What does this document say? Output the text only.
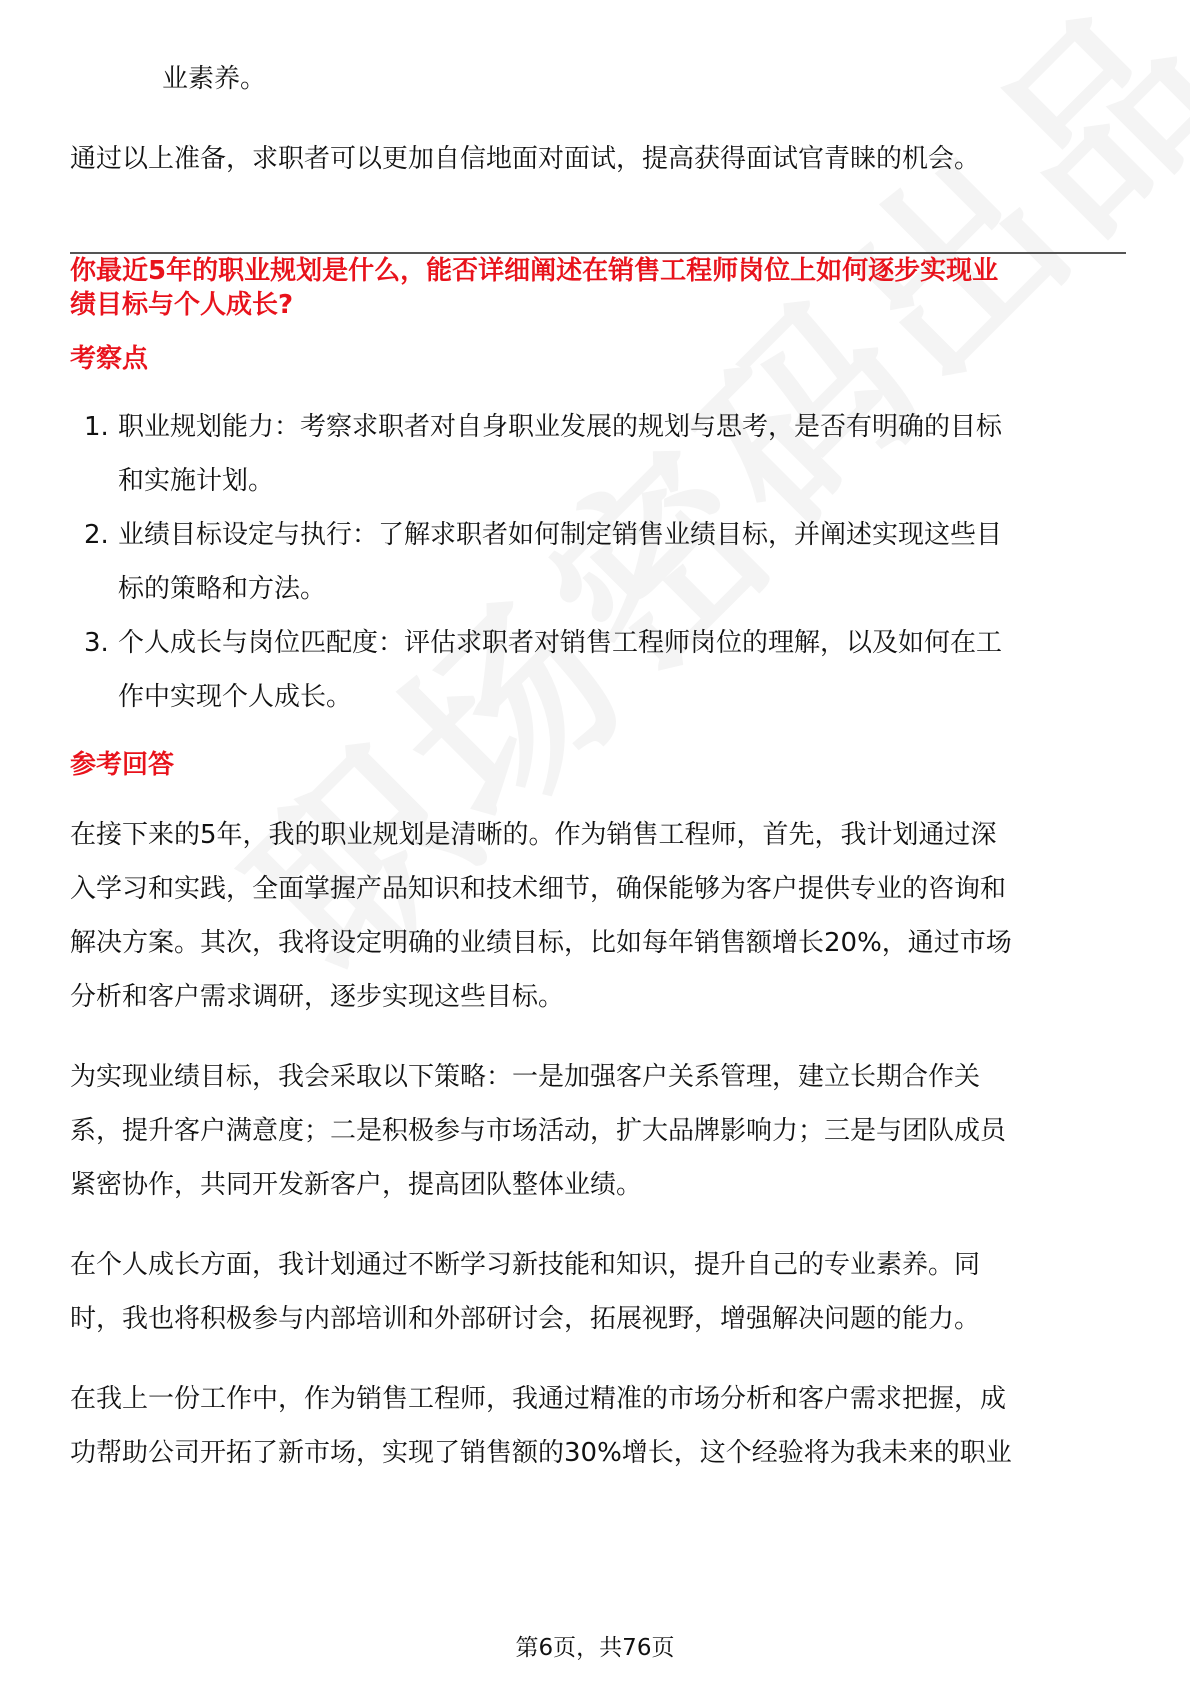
业素养。
通过以上准备，求职者可以更加自信地面对面试，提高获得面试官青睐的机会。
你最近5年的职业规划是什么，能否详细阐述在销售工程师岗位上如何逐步实现业
绩目标与个人成长?
考察点
1. 职业规划能力：考察求职者对自身职业发展的规划与思考，是否有明确的目标
和实施计划。
2. 业绩目标设定与执行：了解求职者如何制定销售业绩目标，并阐述实现这些目
标的策略和方法。
3. 个人成长与岗位匹配度：评估求职者对销售工程师岗位的理解，以及如何在工
作中实现个人成长。
参考回答
在接下来的5年，我的职业规划是清晰的。作为销售工程师，首先，我计划通过深
入学习和实践，全面掌握产品知识和技术细节，确保能够为客户提供专业的咨询和
解决方案。其次，我将设定明确的业绩目标，比如每年销售额增长20%，通过市场
分析和客户需求调研，逐步实现这些目标。
为实现业绩目标，我会采取以下策略：一是加强客户关系管理，建立长期合作关
系，提升客户满意度；二是积极参与市场活动，扩大品牌影响力；三是与团队成员
紧密协作，共同开发新客户，提高团队整体业绩。
在个人成长方面，我计划通过不断学习新技能和知识，提升自己的专业素养。同
时，我也将积极参与内部培训和外部研讨会，拓展视野，增强解决问题的能力。
在我上一份工作中，作为销售工程师，我通过精准的市场分析和客户需求把握，成
功帮助公司开拓了新市场，实现了销售额的30%增长，这个经验将为我未来的职业
第6页，共76页
